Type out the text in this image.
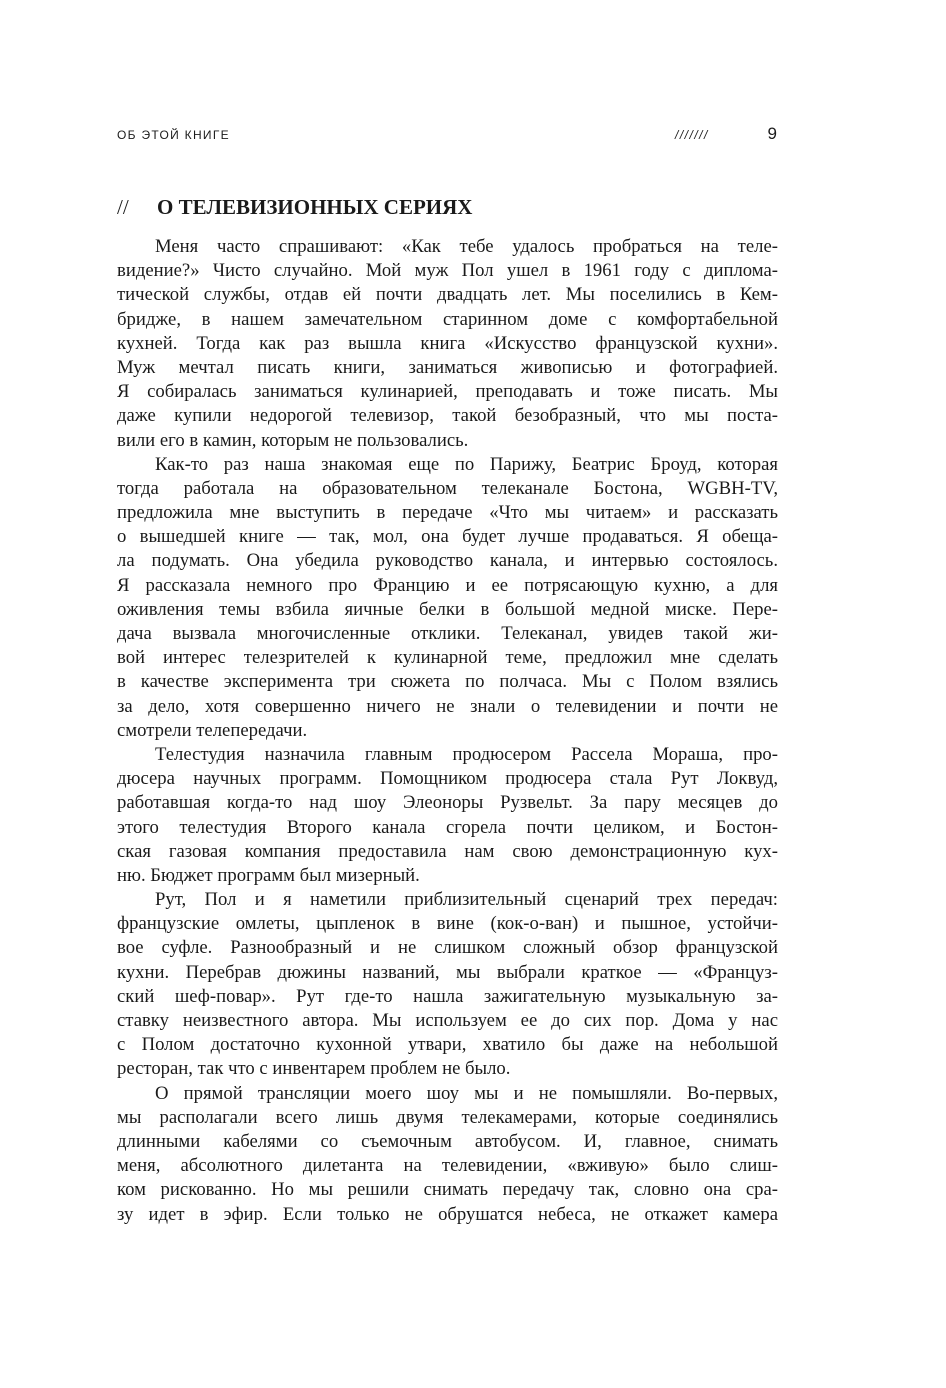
ОБ ЭТОЙ КНИГЕ	///////	9
// О ТЕЛЕВИЗИОННЫХ СЕРИЯХ
Меня часто спрашивают: «Как тебе удалось пробраться на теле-
видение?» Чисто случайно. Мой муж Пол ушел в 1961 году с диплома-
тической службы, отдав ей почти двадцать лет. Мы поселились в Кем-
бридже, в нашем замечательном старинном доме с комфортабельной
кухней. Тогда как раз вышла книга «Искусство французской кухни».
Муж мечтал писать книги, заниматься живописью и фотографией.
Я собиралась заниматься кулинарией, преподавать и тоже писать. Мы
даже купили недорогой телевизор, такой безобразный, что мы поста-
вили его в камин, которым не пользовались.
Как-то раз наша знакомая еще по Парижу, Беатрис Броуд, которая
тогда работала на образовательном телеканале Бостона, WGBH-TV,
предложила мне выступить в передаче «Что мы читаем» и рассказать
о вышедшей книге — так, мол, она будет лучше продаваться. Я обеща-
ла подумать. Она убедила руководство канала, и интервью состоялось.
Я рассказала немного про Францию и ее потрясающую кухню, а для
оживления темы взбила яичные белки в большой медной миске. Пере-
дача вызвала многочисленные отклики. Телеканал, увидев такой жи-
вой интерес телезрителей к кулинарной теме, предложил мне сделать
в качестве эксперимента три сюжета по полчаса. Мы с Полом взялись
за дело, хотя совершенно ничего не знали о телевидении и почти не
смотрели телепередачи.
Телестудия назначила главным продюсером Рассела Мораша, про-
дюсера научных программ. Помощником продюсера стала Рут Локвуд,
работавшая когда-то над шоу Элеоноры Рузвельт. За пару месяцев до
этого телестудия Второго канала сгорела почти целиком, и Бостон-
ская газовая компания предоставила нам свою демонстрационную кух-
ню. Бюджет программ был мизерный.
Рут, Пол и я наметили приблизительный сценарий трех передач:
французские омлеты, цыпленок в вине (кок-о-ван) и пышное, устойчи-
вое суфле. Разнообразный и не слишком сложный обзор французской
кухни. Перебрав дюжины названий, мы выбрали краткое — «Француз-
ский шеф-повар». Рут где-то нашла зажигательную музыкальную за-
ставку неизвестного автора. Мы используем ее до сих пор. Дома у нас
с Полом достаточно кухонной утвари, хватило бы даже на небольшой
ресторан, так что с инвентарем проблем не было.
О прямой трансляции моего шоу мы и не помышляли. Во-первых,
мы располагали всего лишь двумя телекамерами, которые соединялись
длинными кабелями со съемочным автобусом. И, главное, снимать
меня, абсолютного дилетанта на телевидении, «вживую» было слиш-
ком рискованно. Но мы решили снимать передачу так, словно она сра-
зу идет в эфир. Если только не обрушатся небеса, не откажет камера
